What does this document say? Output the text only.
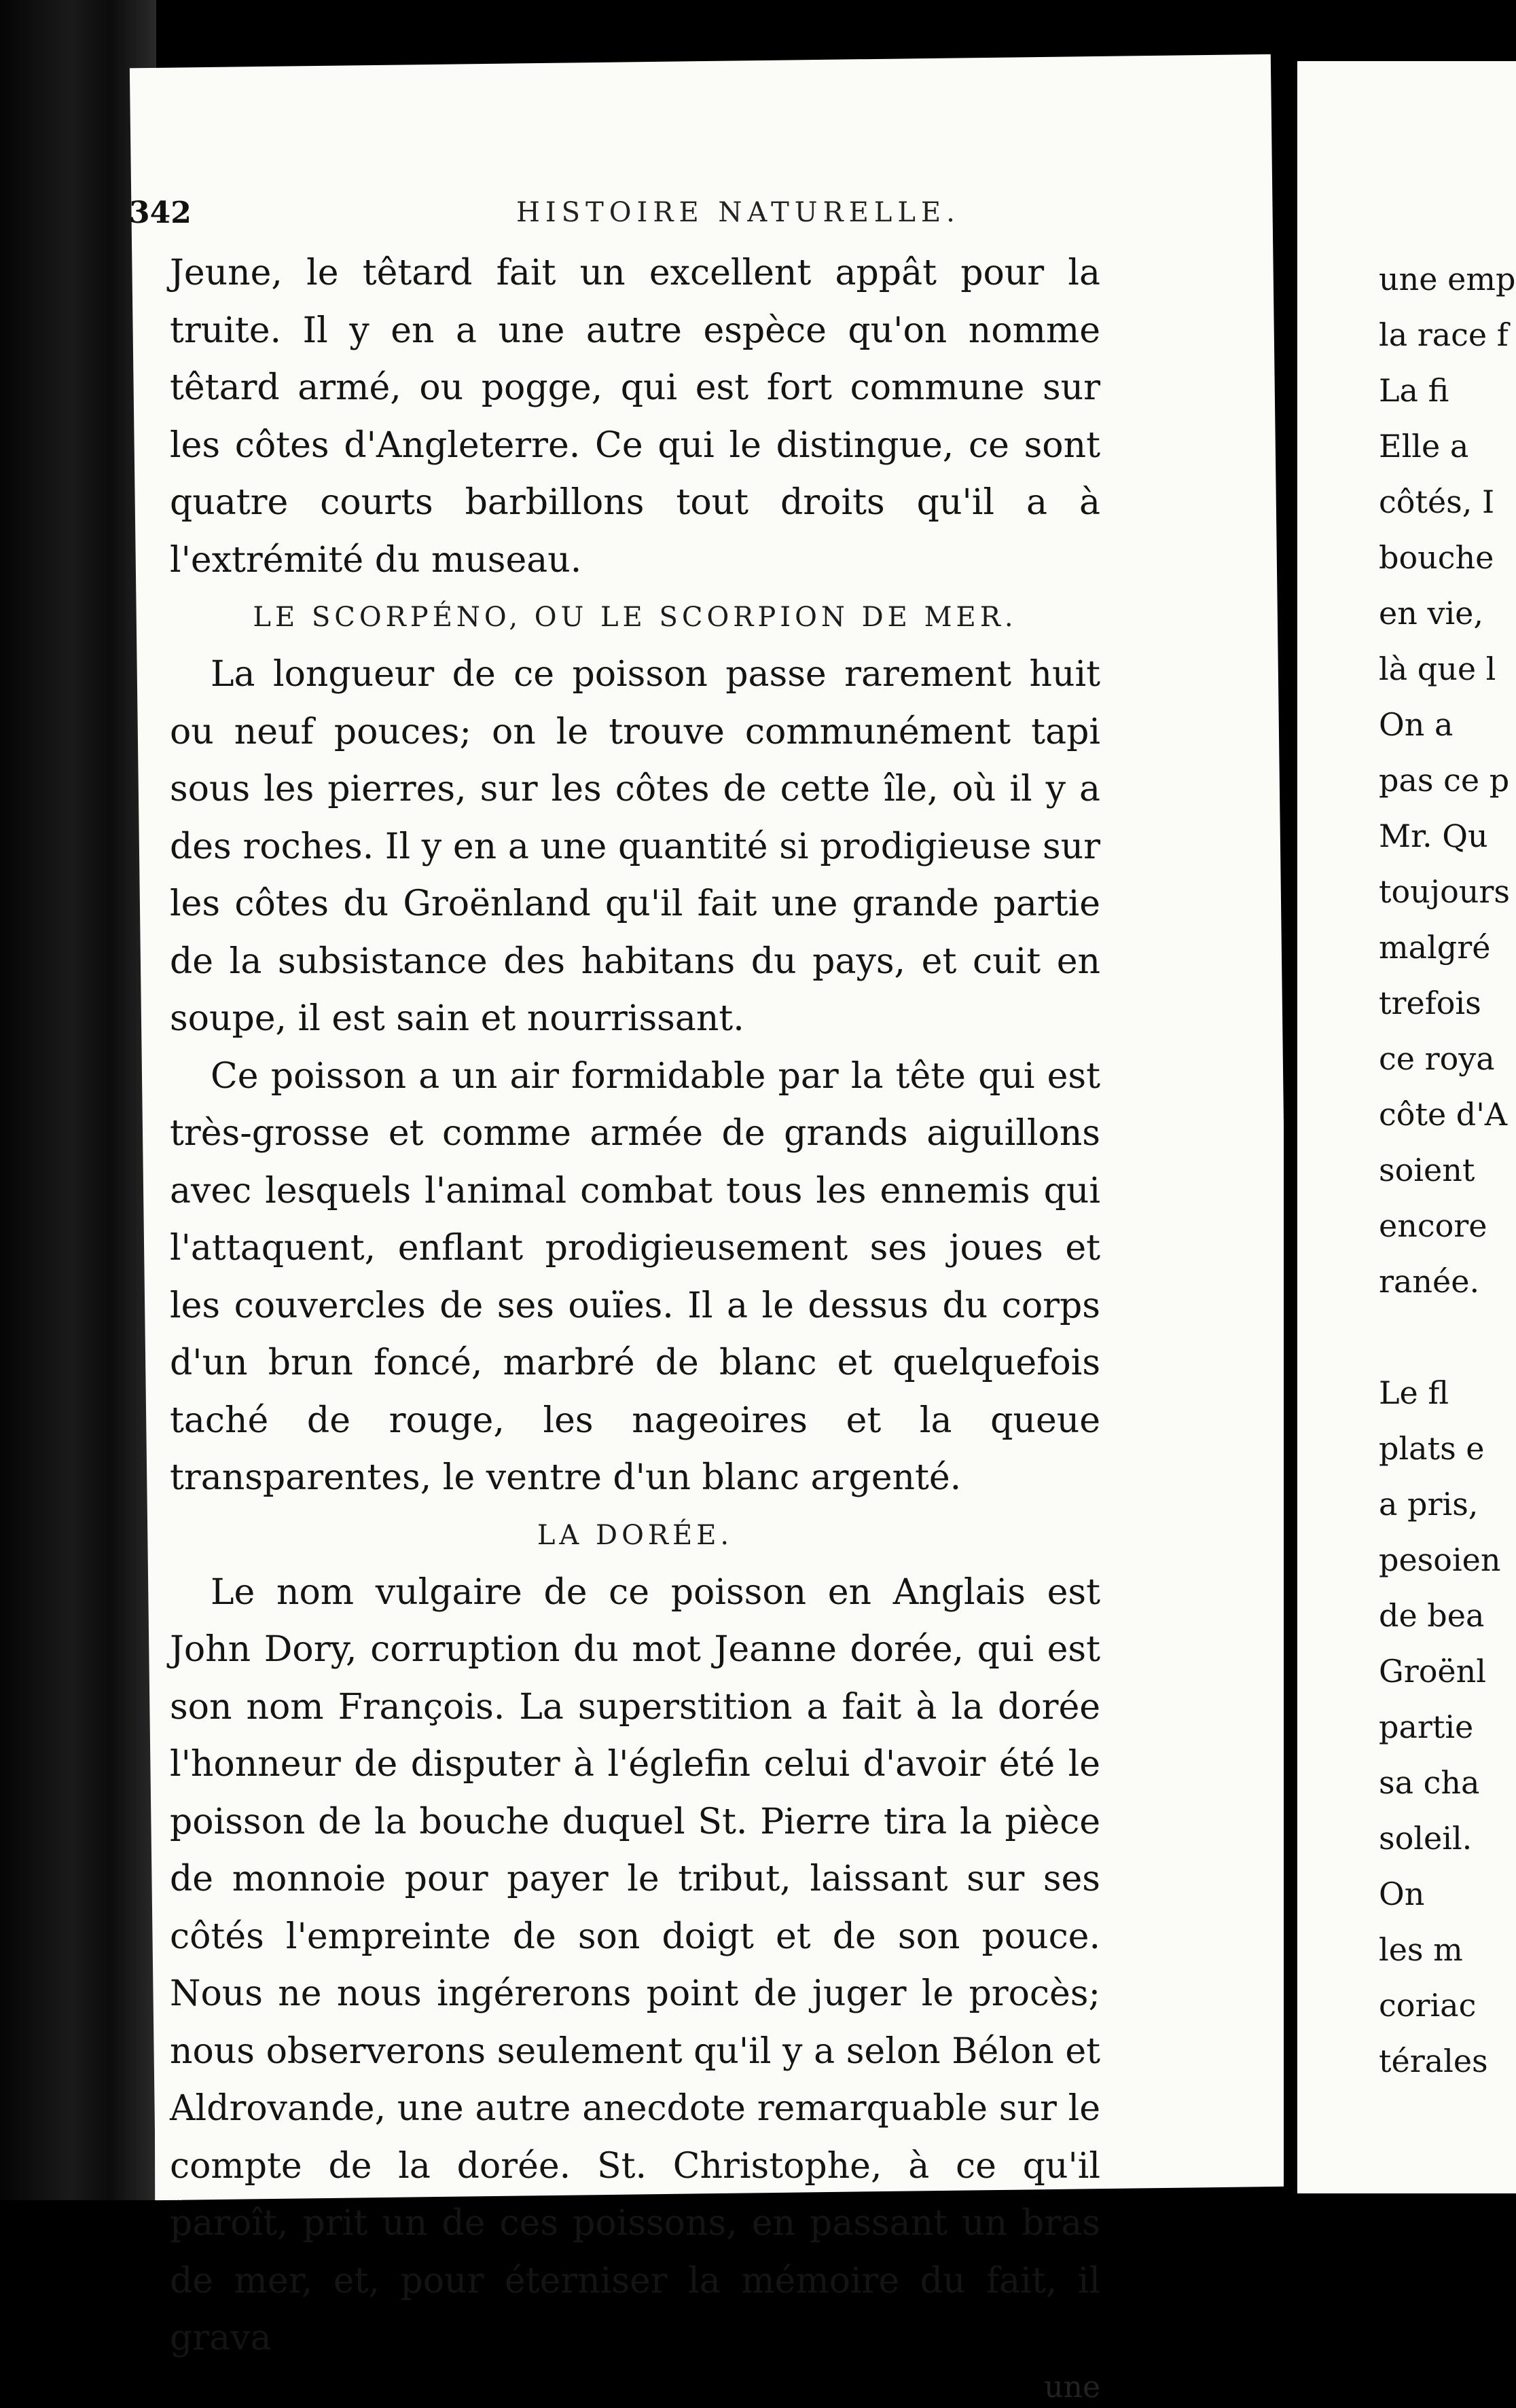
342	HISTOIRE NATURELLE.

Jeune, le têtard fait un excellent appât pour la truite. Il y en a une autre espèce qu'on nomme têtard armé, ou pogge, qui est fort commune sur les côtes d'Angleterre. Ce qui le distingue, ce sont quatre courts barbillons tout droits qu'il a à l'extrémité du museau.

LE SCORPÉNO, OU LE SCORPION DE MER.

La longueur de ce poisson passe rarement huit ou neuf pouces; on le trouve communément tapi sous les pierres, sur les côtes de cette île, où il y a des roches. Il y en a une quantité si prodigieuse sur les côtes du Groënland qu'il fait une grande partie de la subsistance des habitans du pays, et cuit en soupe, il est sain et nourrissant.

Ce poisson a un air formidable par la tête qui est très-grosse et comme armée de grands aiguillons avec lesquels l'animal combat tous les ennemis qui l'attaquent, enflant prodigieusement ses joues et les couvercles de ses ouïes. Il a le dessus du corps d'un brun foncé, marbré de blanc et quelquefois taché de rouge, les nageoires et la queue transparentes, le ventre d'un blanc argenté.

LA DORÉE.

Le nom vulgaire de ce poisson en Anglais est John Dory, corruption du mot Jeanne dorée, qui est son nom François. La superstition a fait à la dorée l'honneur de disputer à l'églefin celui d'avoir été le poisson de la bouche duquel St. Pierre tira la pièce de monnoie pour payer le tribut, laissant sur ses côtés l'empreinte de son doigt et de son pouce. Nous ne nous ingérerons point de juger le procès; nous observerons seulement qu'il y a selon Bélon et Aldrovande, une autre anecdote remarquable sur le compte de la dorée. St. Christophe, à ce qu'il paroît, prit un de ces poissons, en passant un bras de mer, et, pour éterniser la mémoire du fait, il grava

une
une emp
la race f
La fi
Elle a
côtés, I
bouche
en vie,
là que l
On a
pas ce p
Mr. Qu
toujours
malgré
trefois
ce roya
côte d'A
soient
encore
ranée.
Le fl
plats e
a pris,
pesoien
de bea
Groënl
partie
sa cha
soleil.
On
les m
coriac
térales
